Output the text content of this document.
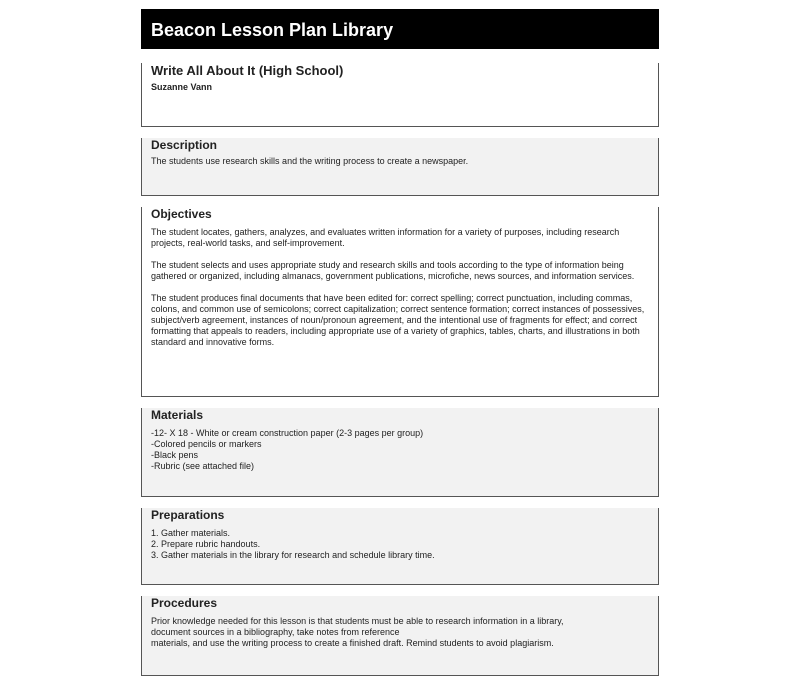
Beacon Lesson Plan Library
Write All About It (High School)
Suzanne Vann
Description

The students use research skills and the writing process to create a newspaper.

Objectives

The student locates, gathers, analyzes, and evaluates written information for a variety of purposes, including research projects, real-world tasks, and self-improvement.

The student selects and uses appropriate study and research skills and tools according to the type of information being gathered or organized, including almanacs, government publications, microfiche, news sources, and information services.

The student produces final documents that have been edited for: correct spelling; correct punctuation, including commas, colons, and common use of semicolons; correct capitalization; correct sentence formation; correct instances of possessives, subject/verb agreement, instances of noun/pronoun agreement, and the intentional use of fragments for effect; and correct formatting that appeals to readers, including appropriate use of a variety of graphics, tables, charts, and illustrations in both standard and innovative forms.

Materials
-12- X 18 - White or cream construction paper (2-3 pages per group)
-Colored pencils or markers
-Black pens
-Rubric (see attached file)
Preparations
1. Gather materials.
2. Prepare rubric handouts.
3. Gather materials in the library for research and schedule library time.
Procedures

Prior knowledge needed for this lesson is that students must be able to research information in a library,

document sources in a bibliography, take notes from reference

materials, and use the writing process to create a finished draft. Remind students to avoid plagiarism.
